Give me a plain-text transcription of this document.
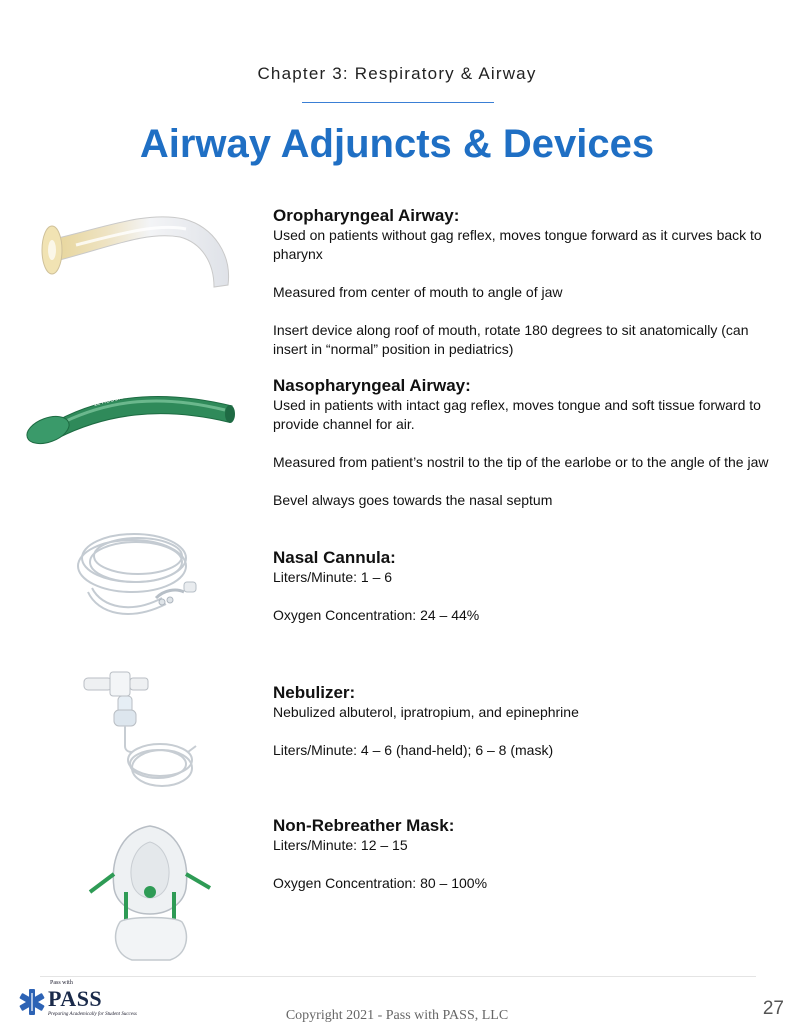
Chapter 3: Respiratory & Airway
Airway Adjuncts & Devices
12 RUSCH
Oropharyngeal Airway:

Used on patients without gag reflex, moves tongue forward as it curves back to pharynx

Measured from center of mouth to angle of jaw

Insert device along roof of mouth, rotate 180 degrees to sit anatomically (can insert in “normal” position in pediatrics)

Nasopharyngeal Airway:

Used in patients with intact gag reflex, moves tongue and soft tissue forward to provide channel for air.

Measured from patient’s nostril to the tip of the earlobe or to the angle of the jaw

Bevel always goes towards the nasal septum

Nasal Cannula:

Liters/Minute: 1 – 6

Oxygen Concentration: 24 – 44%

Nebulizer:

Nebulized albuterol, ipratropium, and epinephrine

Liters/Minute: 4 – 6 (hand-held); 6 – 8 (mask)

Non-Rebreather Mask:

Liters/Minute: 12 – 15

Oxygen Concentration: 80 – 100%

Pass with
PASS
Preparing Academically for Student Success	Copyright 2021 - Pass with PASS, LLC	27
